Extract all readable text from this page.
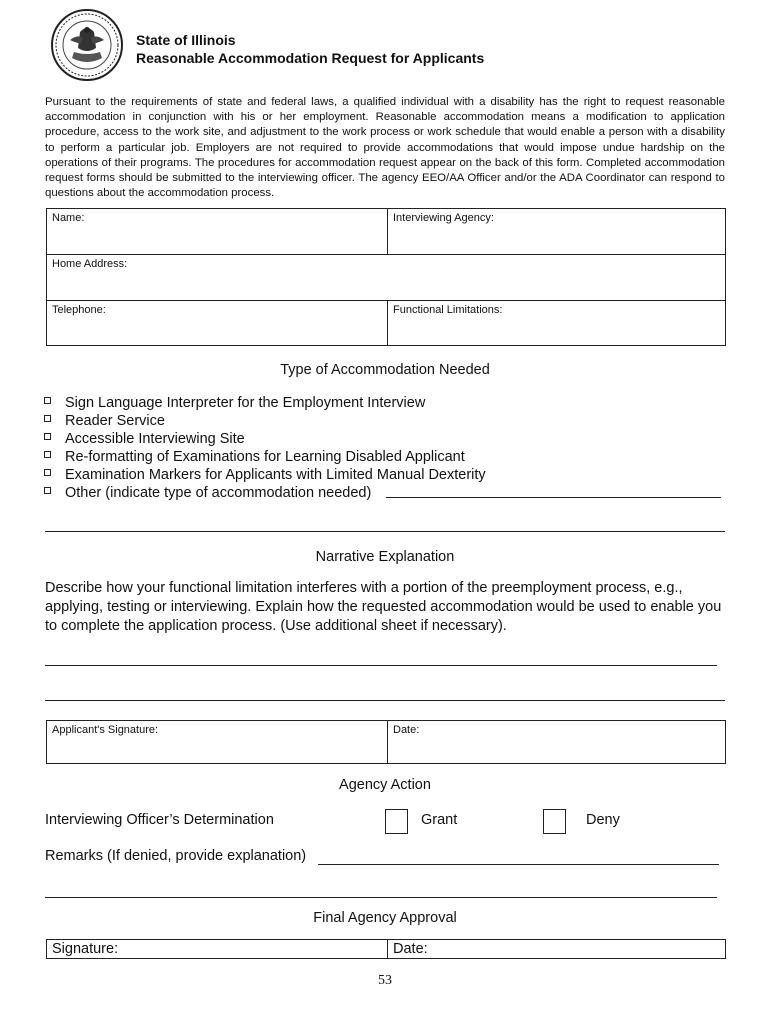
State of Illinois
Reasonable Accommodation Request for Applicants
Pursuant to the requirements of state and federal laws, a qualified individual with a disability has the right to request reasonable accommodation in conjunction with his or her employment. Reasonable accommodation means a modification to application procedure, access to the work site, and adjustment to the work process or work schedule that would enable a person with a disability to perform a particular job. Employers are not required to provide accommodations that would impose undue hardship on the operations of their programs. The procedures for accommodation request appear on the back of this form. Completed accommodation request forms should be submitted to the interviewing officer. The agency EEO/AA Officer and/or the ADA Coordinator can respond to questions about the accommodation process.
Name:	Interviewing Agency:
Home Address:	
Telephone:	Functional Limitations:
Type of Accommodation Needed
Sign Language Interpreter for the Employment Interview
Reader Service
Accessible Interviewing Site
Re-formatting of Examinations for Learning Disabled Applicant
Examination Markers for Applicants with Limited Manual Dexterity
Other (indicate type of accommodation needed)
Narrative Explanation
Describe how your functional limitation interferes with a portion of the preemployment process, e.g., applying, testing or interviewing. Explain how the requested accommodation would be used to enable you to complete the application process. (Use additional sheet if necessary).
Applicant's Signature:	Date:
Agency Action
Interviewing Officer’s Determination	Grant	Deny
Remarks (If denied, provide explanation)
Final Agency Approval
Signature:	Date:
53
